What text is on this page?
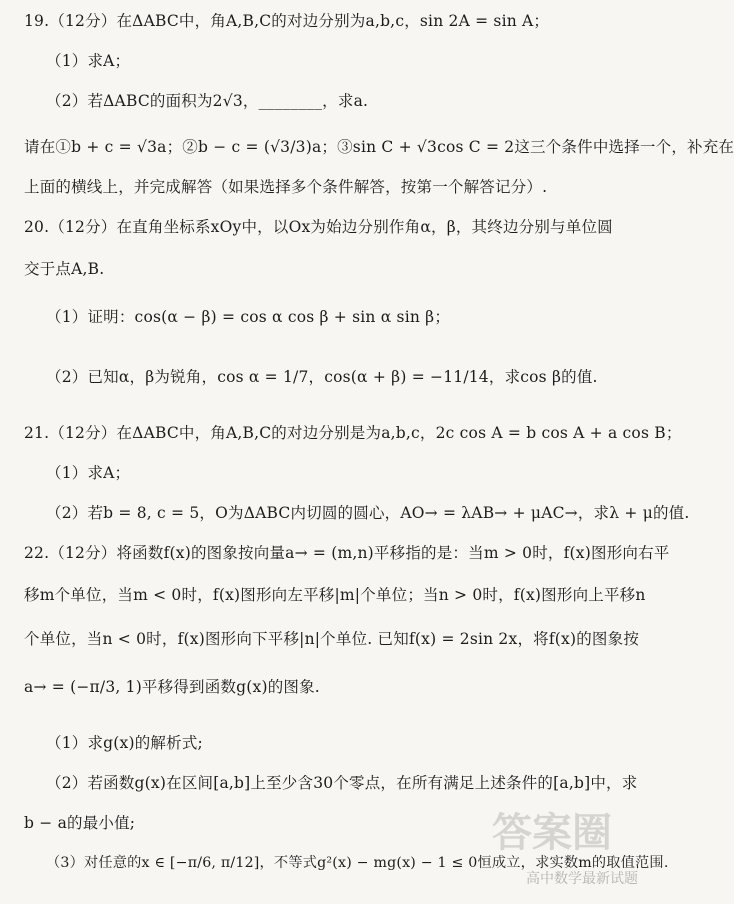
19.（12分）在ΔABC中，角A,B,C的对边分别为a,b,c，sin 2A = sin A；
（1）求A；
（2）若ΔABC的面积为2√3，________，求a.
请在①b + c = √3a；②b − c = (√3/3)a；③sin C + √3cos C = 2这三个条件中选择一个，补充在
上面的横线上，并完成解答（如果选择多个条件解答，按第一个解答记分）.
20.（12分）在直角坐标系xOy中，以Ox为始边分别作角α，β，其终边分别与单位圆
交于点A,B.
（1）证明：cos(α − β) = cos α cos β + sin α sin β；
（2）已知α，β为锐角，cos α = 1/7，cos(α + β) = −11/14，求cos β的值.
21.（12分）在ΔABC中，角A,B,C的对边分别是为a,b,c，2c cos A = b cos A + a cos B；
（1）求A；
（2）若b = 8, c = 5，O为ΔABC内切圆的圆心，AO→ = λAB→ + μAC→，求λ + μ的值.
22.（12分）将函数f(x)的图象按向量a→ = (m,n)平移指的是：当m > 0时，f(x)图形向右平
移m个单位，当m < 0时，f(x)图形向左平移|m|个单位；当n > 0时，f(x)图形向上平移n
个单位，当n < 0时，f(x)图形向下平移|n|个单位. 已知f(x) = 2sin 2x，将f(x)的图象按
a→ = (−π/3, 1)平移得到函数g(x)的图象.
（1）求g(x)的解析式;
（2）若函数g(x)在区间[a,b]上至少含30个零点，在所有满足上述条件的[a,b]中，求
b − a的最小值;
（3）对任意的x ∈ [−π/6, π/12]，不等式g²(x) − mg(x) − 1 ≤ 0恒成立，求实数m的取值范围.
答案圈
高中数学最新试题
